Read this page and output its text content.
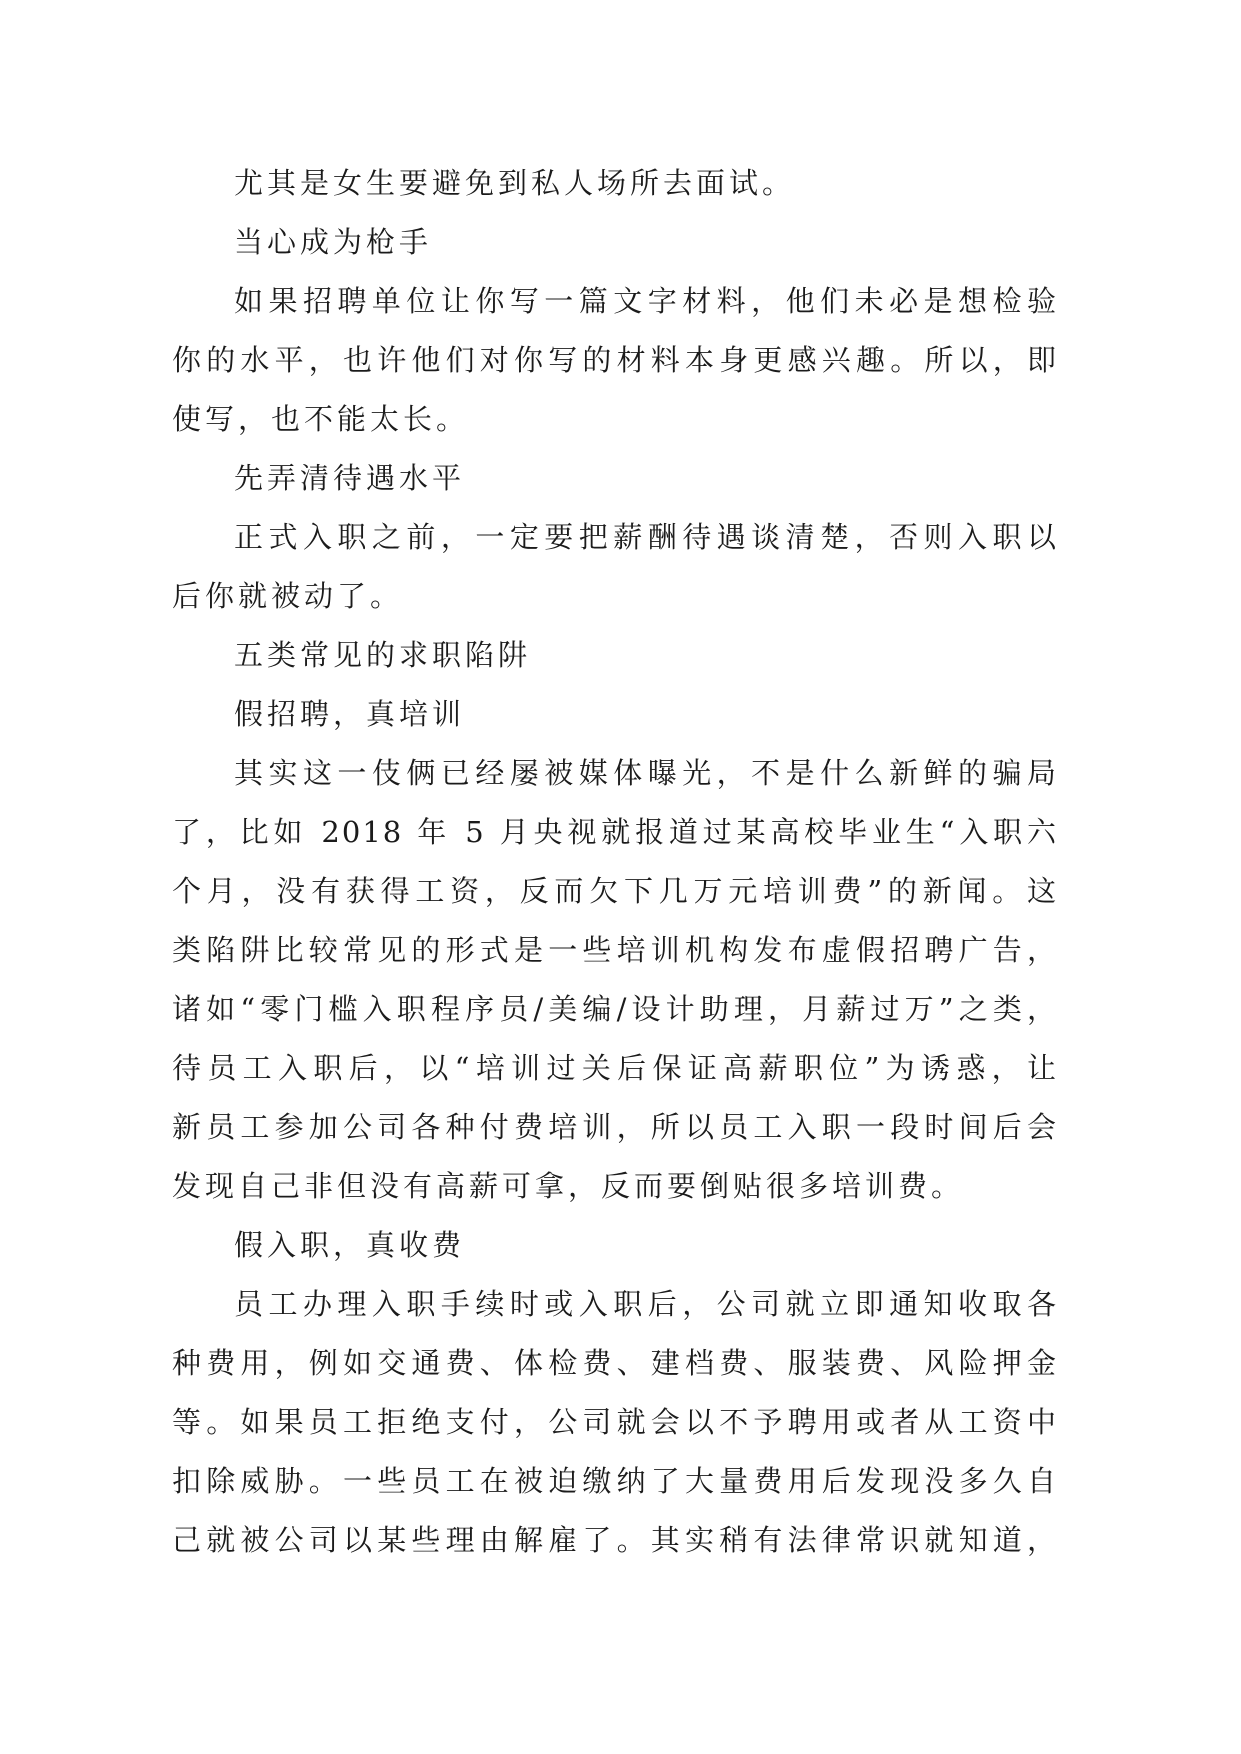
尤其是女生要避免到私人场所去面试。
当心成为枪手
如果招聘单位让你写一篇文字材料，他们未必是想检验
你的水平，也许他们对你写的材料本身更感兴趣。所以，即
使写，也不能太长。
先弄清待遇水平
正式入职之前，一定要把薪酬待遇谈清楚，否则入职以
后你就被动了。
五类常见的求职陷阱
假招聘，真培训
其实这一伎俩已经屡被媒体曝光，不是什么新鲜的骗局
了，比如 2018 年 5 月央视就报道过某高校毕业生“入职六
个月，没有获得工资，反而欠下几万元培训费”的新闻。这
类陷阱比较常见的形式是一些培训机构发布虚假招聘广告，
诸如“零门槛入职程序员/美编/设计助理，月薪过万”之类，
待员工入职后，以“培训过关后保证高薪职位”为诱惑，让
新员工参加公司各种付费培训，所以员工入职一段时间后会
发现自己非但没有高薪可拿，反而要倒贴很多培训费。
假入职，真收费
员工办理入职手续时或入职后，公司就立即通知收取各
种费用，例如交通费、体检费、建档费、服装费、风险押金
等。如果员工拒绝支付，公司就会以不予聘用或者从工资中
扣除威胁。一些员工在被迫缴纳了大量费用后发现没多久自
己就被公司以某些理由解雇了。其实稍有法律常识就知道，
